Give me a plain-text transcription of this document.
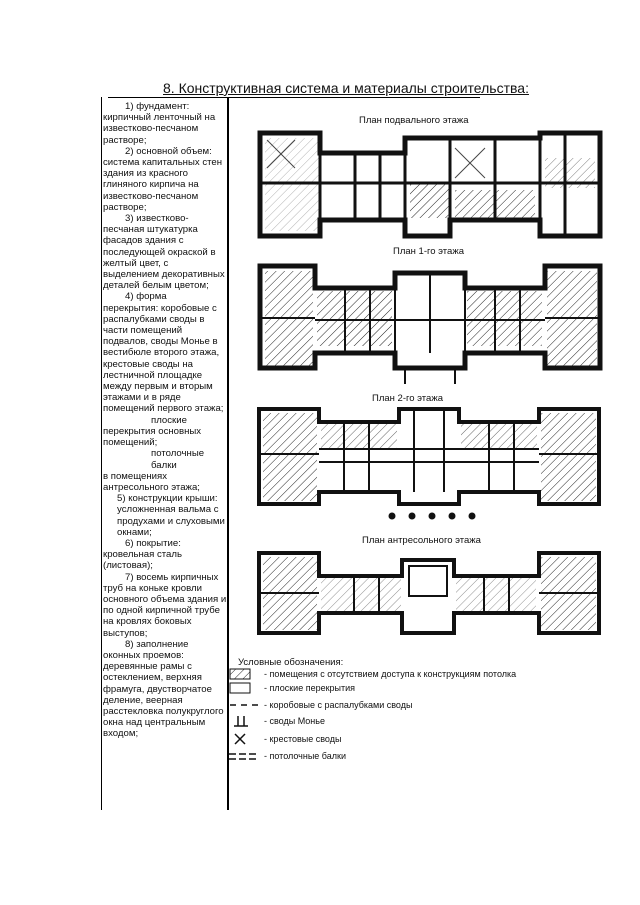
8. Конструктивная система и материалы строительства:

1) фундамент:

кирпичный ленточный на известково-песчаном растворе;

2) основной объем:

система капитальных стен здания из красного глиняного кирпича на известково-песчаном растворе;

3) известково-

песчаная штукатурка фасадов здания с последующей окраской в желтый цвет, с выделением декоративных деталей белым цветом;

4) форма

перекрытия: коробовые с распалубками своды в части помещений подвалов, своды Монье в вестибюле второго этажа, крестовые своды на лестничной площадке между первым и вторым этажами и в ряде помещений первого этажа;

плоские

перекрытия основных помещений;

потолочные балки

в помещениях антресольного этажа;

5) конструкции крыши: усложненная вальма с продухами и слуховыми окнами;

6) покрытие:

кровельная сталь (листовая);

7) восемь кирпичных

труб на коньке кровли основного объема здания и по одной кирпичной трубе на кровлях боковых выступов;

8) заполнение

оконных проемов: деревянные рамы с остеклением, верхняя фрамуга, двустворчатое деление, веерная расстекловка полукруглого окна над центральным входом;

План подвального этажа
План 1-го этажа
План 2-го этажа
План антресольного этажа
Условные обозначения:
- помещения с отсутствием доступа к конструкциям потолка
- плоские перекрытия
- коробовые с распалубками своды
- своды Монье
- крестовые своды
- потолочные балки
